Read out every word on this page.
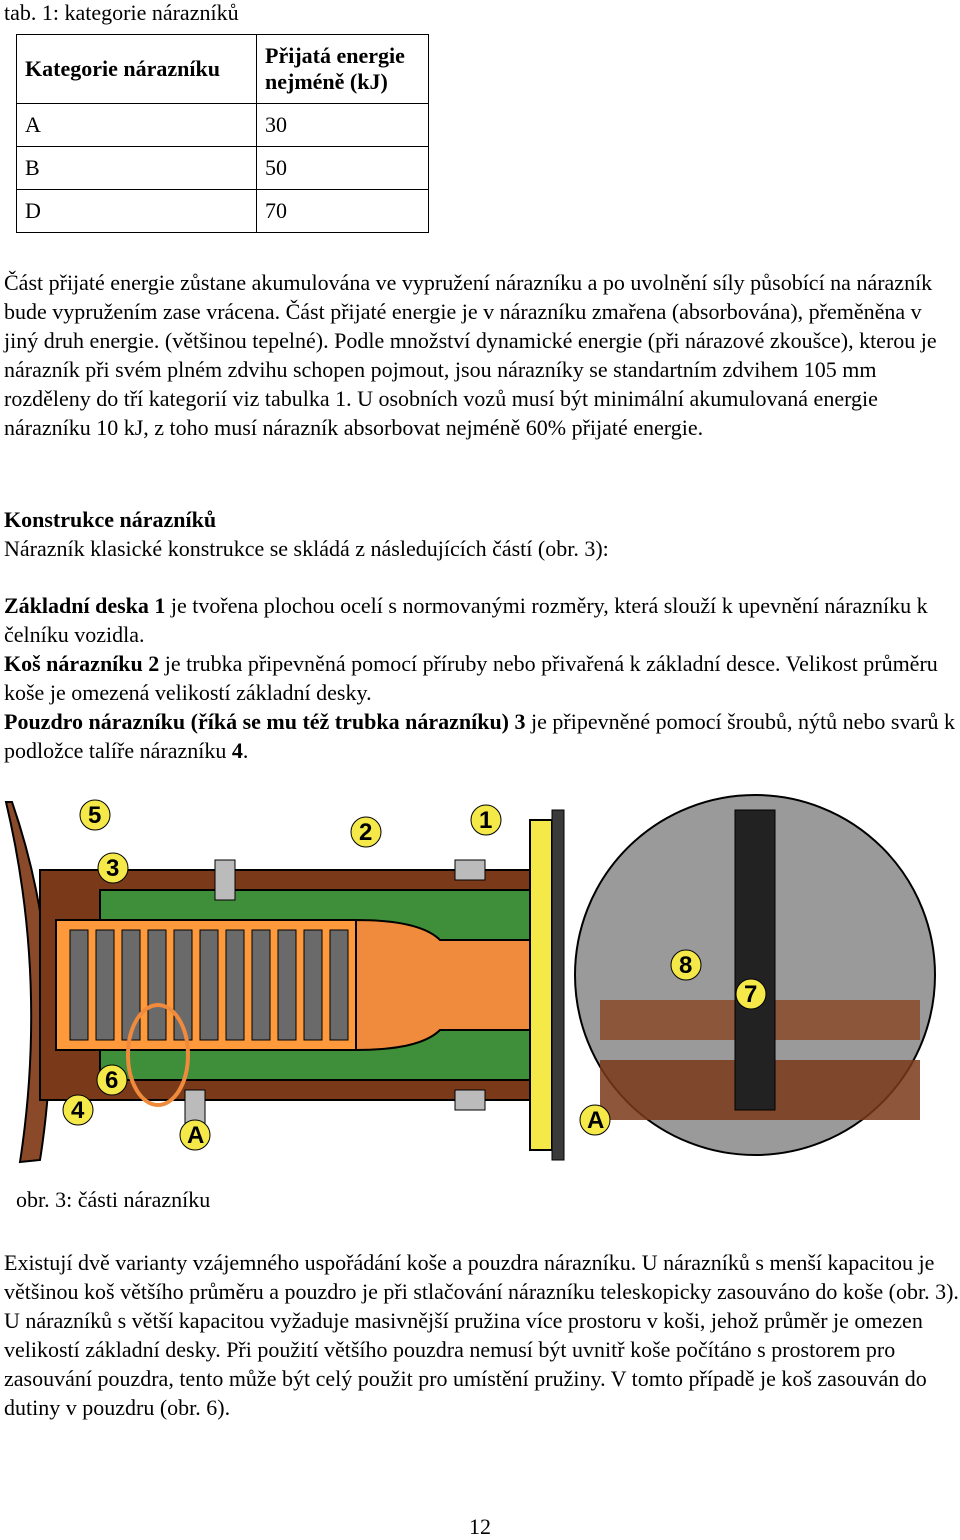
tab. 1: kategorie nárazníků
Kategorie nárazníku	Přijatá energie nejméně (kJ)
A	30
B	50
D	70

Část přijaté energie zůstane akumulována ve vypružení nárazníku a po uvolnění síly působící na nárazník bude vypružením zase vrácena. Část přijaté energie je v nárazníku zmařena (absorbována), přeměněna v jiný druh energie. (většinou tepelné). Podle množství dynamické energie (při nárazové zkoušce), kterou je nárazník při svém plném zdvihu schopen pojmout, jsou nárazníky se standartním zdvihem 105 mm rozděleny do tří kategorií viz tabulka 1. U osobních vozů musí být minimální akumulovaná energie nárazníku 10 kJ, z toho musí nárazník absorbovat nejméně 60% přijaté energie.

Konstrukce nárazníků

Nárazník klasické konstrukce se skládá z následujících částí (obr. 3):

Základní deska 1 je tvořena plochou ocelí s normovanými rozměry, která slouží k upevnění nárazníku k čelníku vozidla.

Koš nárazníku 2 je trubka připevněná pomocí příruby nebo přivařená k základní desce. Velikost průměru koše je omezená velikostí základní desky.

Pouzdro nárazníku (říká se mu též trubka nárazníku) 3 je připevněné pomocí šroubů, nýtů nebo svarů k podložce talíře nárazníku 4.

5
3
2	1
8
7
6
4
A
A
obr. 3: části nárazníku

Existují dvě varianty vzájemného uspořádání koše a pouzdra nárazníku. U nárazníků s menší kapacitou je většinou koš většího průměru a pouzdro je při stlačování nárazníku teleskopicky zasouváno do koše (obr. 3). U nárazníků s větší kapacitou vyžaduje masivnější pružina více prostoru v koši, jehož průměr je omezen velikostí základní desky. Při použití většího pouzdra nemusí být uvnitř koše počítáno s prostorem pro zasouvání pouzdra, tento může být celý použit pro umístění pružiny. V tomto případě je koš zasouván do dutiny v pouzdru (obr. 6).

12
